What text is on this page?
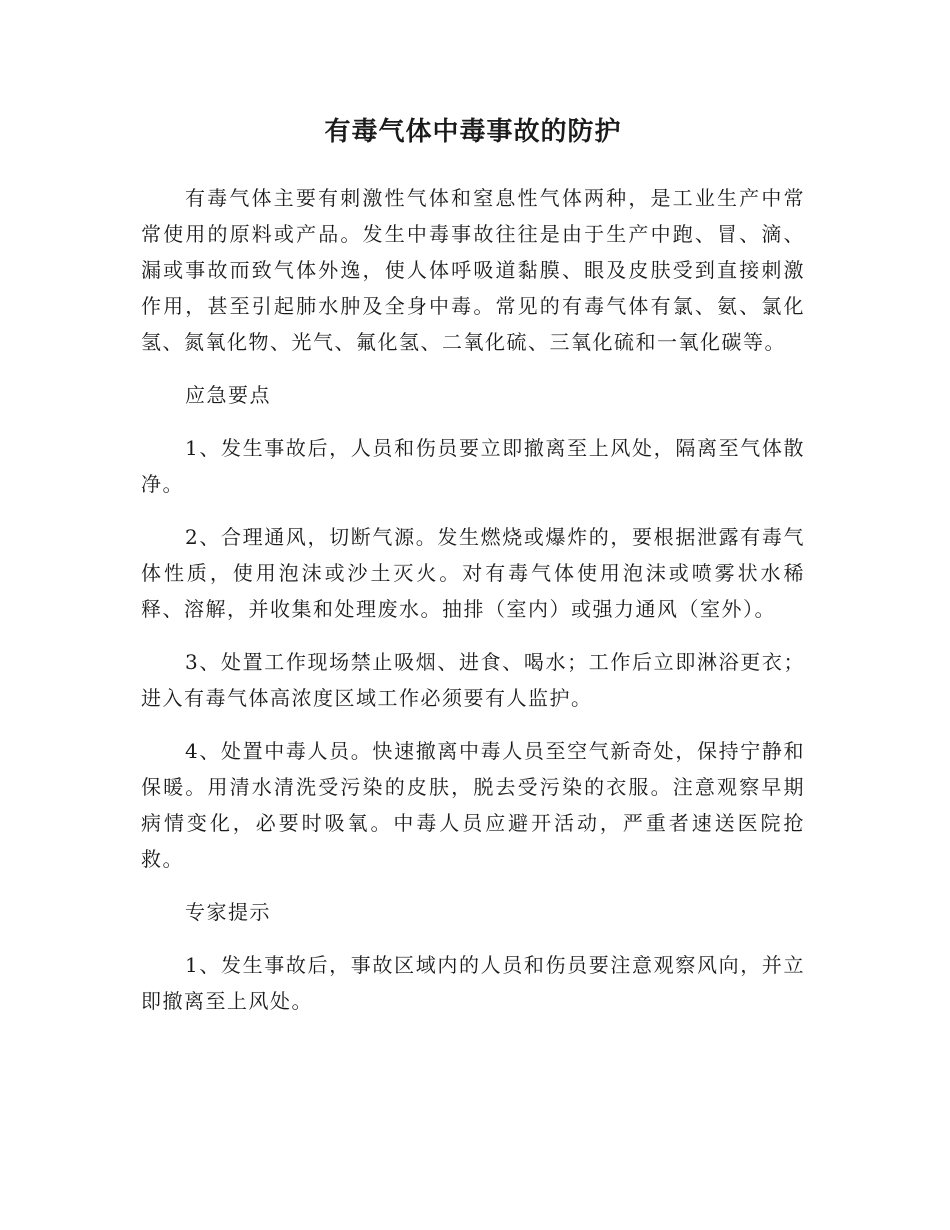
有毒气体中毒事故的防护

有毒气体主要有刺激性气体和窒息性气体两种，是工业生产中常常使用的原料或产品。发生中毒事故往往是由于生产中跑、冒、滴、漏或事故而致气体外逸，使人体呼吸道黏膜、眼及皮肤受到直接刺激作用，甚至引起肺水肿及全身中毒。常见的有毒气体有氯、氨、氯化氢、氮氧化物、光气、氟化氢、二氧化硫、三氧化硫和一氧化碳等。

应急要点

1、发生事故后，人员和伤员要立即撤离至上风处，隔离至气体散净。

2、合理通风，切断气源。发生燃烧或爆炸的，要根据泄露有毒气体性质，使用泡沫或沙土灭火。对有毒气体使用泡沫或喷雾状水稀释、溶解，并收集和处理废水。抽排（室内）或强力通风（室外）。

3、处置工作现场禁止吸烟、进食、喝水；工作后立即淋浴更衣；进入有毒气体高浓度区域工作必须要有人监护。

4、处置中毒人员。快速撤离中毒人员至空气新奇处，保持宁静和保暖。用清水清洗受污染的皮肤，脱去受污染的衣服。注意观察早期病情变化，必要时吸氧。中毒人员应避开活动，严重者速送医院抢救。

专家提示

1、发生事故后，事故区域内的人员和伤员要注意观察风向，并立即撤离至上风处。
